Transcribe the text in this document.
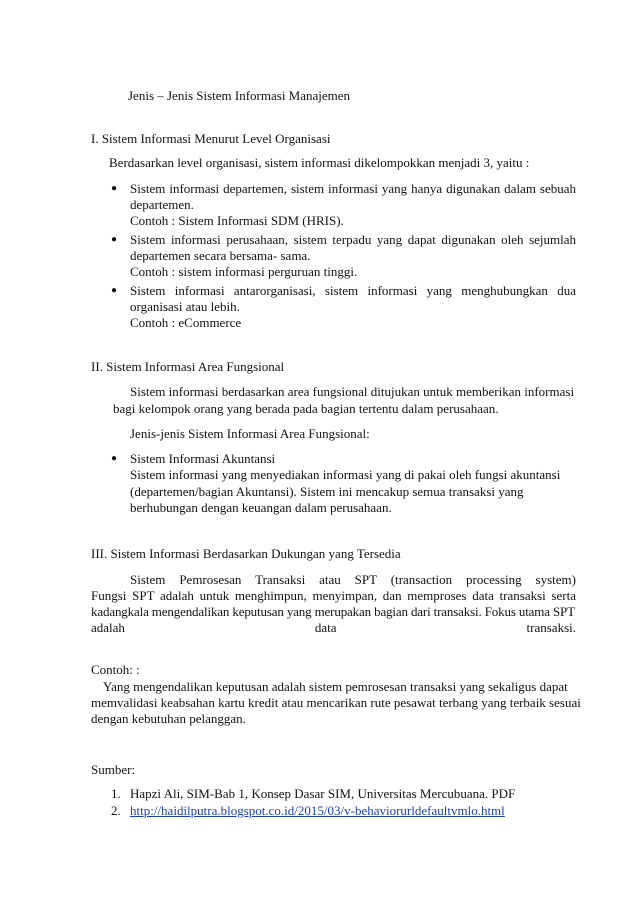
Jenis – Jenis Sistem Informasi Manajemen
I. Sistem Informasi Menurut Level Organisasi
Berdasarkan level organisasi, sistem informasi dikelompokkan menjadi 3, yaitu :
● Sistem informasi departemen, sistem informasi yang hanya digunakan dalam sebuah
departemen.
Contoh : Sistem Informasi SDM (HRIS).
● Sistem informasi perusahaan, sistem terpadu yang dapat digunakan oleh sejumlah
departemen secara bersama- sama.
Contoh : sistem informasi perguruan tinggi.
● Sistem informasi antarorganisasi, sistem informasi yang menghubungkan dua
organisasi atau lebih.
Contoh : eCommerce
II. Sistem Informasi Area Fungsional
Sistem informasi berdasarkan area fungsional ditujukan untuk memberikan informasi
bagi kelompok orang yang berada pada bagian tertentu dalam perusahaan.
Jenis-jenis Sistem Informasi Area Fungsional:
● Sistem Informasi Akuntansi
Sistem informasi yang menyediakan informasi yang di pakai oleh fungsi akuntansi
(departemen/bagian Akuntansi). Sistem ini mencakup semua transaksi yang
berhubungan dengan keuangan dalam perusahaan.
III. Sistem Informasi Berdasarkan Dukungan yang Tersedia
Sistem Pemrosesan Transaksi atau SPT (transaction processing system)
Fungsi SPT adalah untuk menghimpun, menyimpan, dan memproses data transaksi serta
kadangkala mengendalikan keputusan yang merupakan bagian dari transaksi. Fokus utama SPT
adalah data transaksi.
Contoh: :
Yang mengendalikan keputusan adalah sistem pemrosesan transaksi yang sekaligus dapat
memvalidasi keabsahan kartu kredit atau mencarikan rute pesawat terbang yang terbaik sesuai
dengan kebutuhan pelanggan.
Sumber:
1. Hapzi Ali, SIM-Bab 1, Konsep Dasar SIM, Universitas Mercubuana. PDF
2. http://haidilputra.blogspot.co.id/2015/03/v-behaviorurldefaultvmlo.html
